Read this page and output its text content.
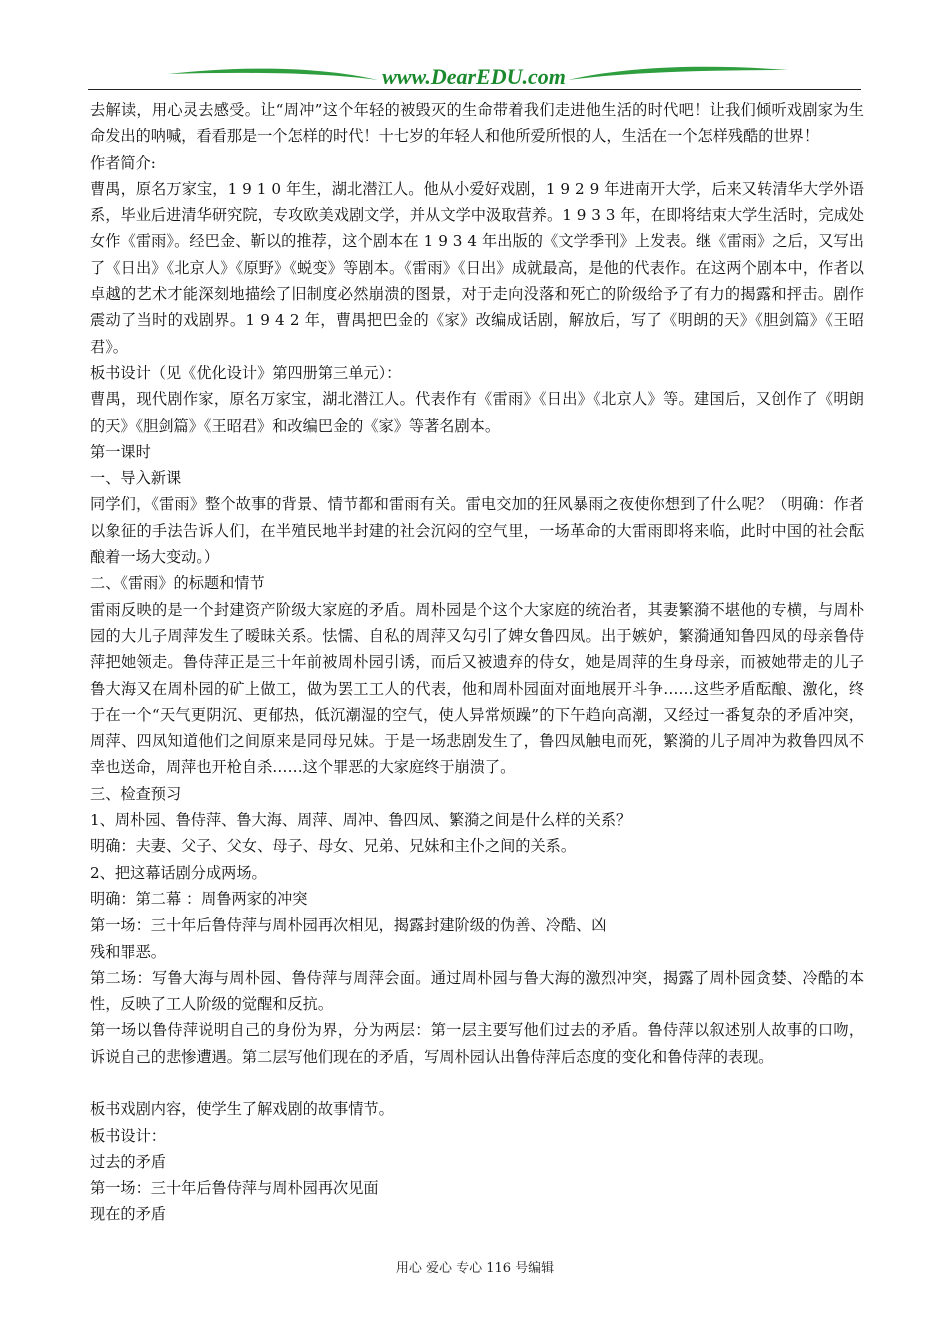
www.DearEDU.com

去解读，用心灵去感受。让“周冲”这个年轻的被毁灭的生命带着我们走进他生活的时代吧！让我们倾听戏剧家为生命发出的呐喊，看看那是一个怎样的时代！十七岁的年轻人和他所爱所恨的人，生活在一个怎样残酷的世界！

作者简介:

曹禺，原名万家宝，1 9 1 0 年生，湖北潜江人。他从小爱好戏剧，1 9 2 9 年进南开大学，后来又转清华大学外语系，毕业后进清华研究院，专攻欧美戏剧文学，并从文学中汲取营养。1 9 3 3 年，在即将结束大学生活时，完成处女作《雷雨》。经巴金、靳以的推荐，这个剧本在 1 9 3 4 年出版的《文学季刊》上发表。继《雷雨》之后，又写出了《日出》《北京人》《原野》《蜕变》等剧本。《雷雨》《日出》成就最高，是他的代表作。在这两个剧本中，作者以卓越的艺术才能深刻地描绘了旧制度必然崩溃的图景，对于走向没落和死亡的阶级给予了有力的揭露和抨击。剧作震动了当时的戏剧界。1 9 4 2 年，曹禺把巴金的《家》改编成话剧，解放后，写了《明朗的天》《胆剑篇》《王昭君》。

板书设计（见《优化设计》第四册第三单元）：

曹禺，现代剧作家，原名万家宝，湖北潜江人。代表作有《雷雨》《日出》《北京人》等。建国后，又创作了《明朗的天》《胆剑篇》《王昭君》和改编巴金的《家》等著名剧本。

第一课时

一、导入新课

同学们，《雷雨》整个故事的背景、情节都和雷雨有关。雷电交加的狂风暴雨之夜使你想到了什么呢？（明确：作者以象征的手法告诉人们，在半殖民地半封建的社会沉闷的空气里，一场革命的大雷雨即将来临，此时中国的社会酝酿着一场大变动。）

二、《雷雨》的标题和情节

雷雨反映的是一个封建资产阶级大家庭的矛盾。周朴园是个这个大家庭的统治者，其妻繁漪不堪他的专横，与周朴园的大儿子周萍发生了暧昧关系。怯懦、自私的周萍又勾引了婢女鲁四凤。出于嫉妒，繁漪通知鲁四凤的母亲鲁侍萍把她领走。鲁侍萍正是三十年前被周朴园引诱，而后又被遗弃的侍女，她是周萍的生身母亲，而被她带走的儿子鲁大海又在周朴园的矿上做工，做为罢工工人的代表，他和周朴园面对面地展开斗争……这些矛盾酝酿、激化，终于在一个“天气更阴沉、更郁热，低沉潮湿的空气，使人异常烦躁”的下午趋向高潮，又经过一番复杂的矛盾冲突，周萍、四凤知道他们之间原来是同母兄妹。于是一场悲剧发生了，鲁四凤触电而死，繁漪的儿子周冲为救鲁四凤不幸也送命，周萍也开枪自杀……这个罪恶的大家庭终于崩溃了。

三、检查预习

1、周朴园、鲁侍萍、鲁大海、周萍、周冲、鲁四凤、繁漪之间是什么样的关系？

明确：夫妻、父子、父女、母子、母女、兄弟、兄妹和主仆之间的关系。

2、把这幕话剧分成两场。

明确：第二幕 ：周鲁两家的冲突

第一场：三十年后鲁侍萍与周朴园再次相见，揭露封建阶级的伪善、冷酷、凶

残和罪恶。

第二场：写鲁大海与周朴园、鲁侍萍与周萍会面。通过周朴园与鲁大海的激烈冲突，揭露了周朴园贪婪、冷酷的本性，反映了工人阶级的觉醒和反抗。

第一场以鲁侍萍说明自己的身份为界，分为两层：第一层主要写他们过去的矛盾。鲁侍萍以叙述别人故事的口吻，诉说自己的悲惨遭遇。第二层写他们现在的矛盾，写周朴园认出鲁侍萍后态度的变化和鲁侍萍的表现。

板书戏剧内容，使学生了解戏剧的故事情节。

板书设计：

过去的矛盾

第一场：三十年后鲁侍萍与周朴园再次见面

现在的矛盾

用心 爱心 专心 116 号编辑
